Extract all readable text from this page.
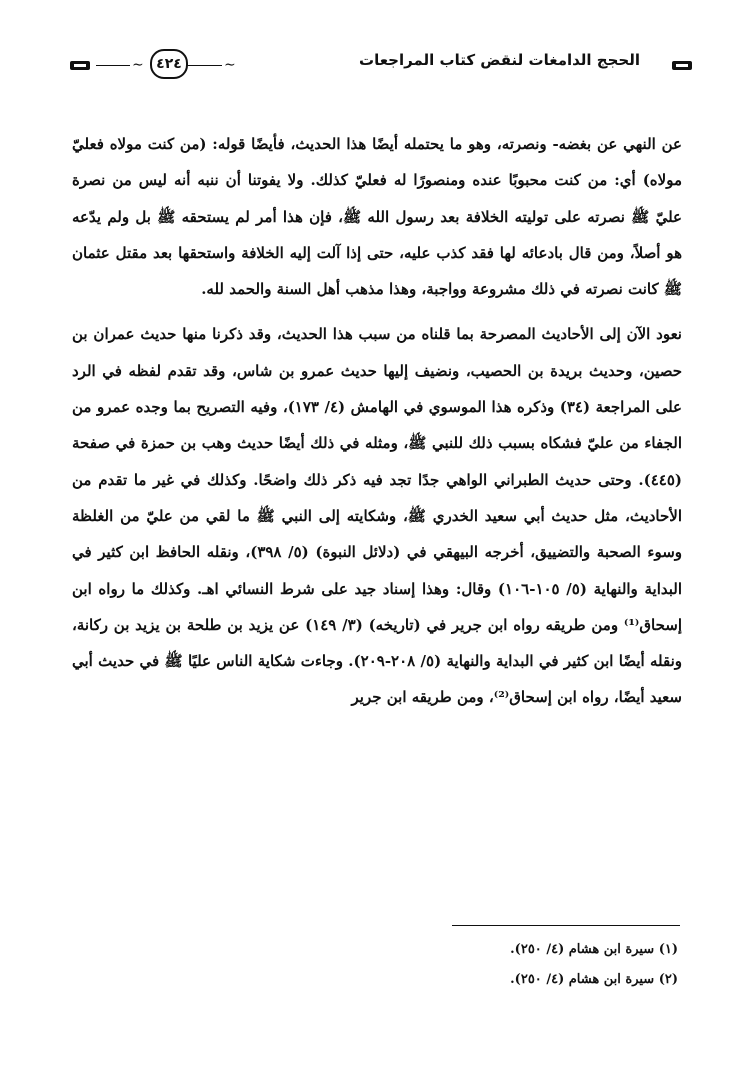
الحجج الدامغات لنقض كتاب المراجعات
∽
٤٢٤
∽

عن النهي عن بغضه- ونصرته، وهو ما يحتمله أيضًا هذا الحديث، فأيضًا قوله: (من كنت مولاه فعليّ مولاه) أي: من كنت محبوبًا عنده ومنصورًا له فعليّ كذلك. ولا يفوتنا أن ننبه أنه ليس من نصرة عليّ ﷺ نصرته على توليته الخلافة بعد رسول الله ﷺ، فإن هذا أمر لم يستحقه ﷺ بل ولم يدّعه هو أصلاً، ومن قال بادعائه لها فقد كذب عليه، حتى إذا آلت إليه الخلافة واستحقها بعد مقتل عثمان ﷺ كانت نصرته في ذلك مشروعة وواجبة، وهذا مذهب أهل السنة والحمد لله.

نعود الآن إلى الأحاديث المصرحة بما قلناه من سبب هذا الحديث، وقد ذكرنا منها حديث عمران بن حصين، وحديث بريدة بن الحصيب، ونضيف إليها حديث عمرو بن شاس، وقد تقدم لفظه في الرد على المراجعة (٣٤) وذكره هذا الموسوي في الهامش (٤/ ١٧٣)، وفيه التصريح بما وجده عمرو من الجفاء من عليّ فشكاه بسبب ذلك للنبي ﷺ، ومثله في ذلك أيضًا حديث وهب بن حمزة في صفحة (٤٤٥). وحتى حديث الطبراني الواهي جدًا تجد فيه ذكر ذلك واضحًا. وكذلك في غير ما تقدم من الأحاديث، مثل حديث أبي سعيد الخدري ﷺ، وشكايته إلى النبي ﷺ ما لقي من عليّ من الغلظة وسوء الصحبة والتضييق، أخرجه البيهقي في (دلائل النبوة) (٥/ ٣٩٨)، ونقله الحافظ ابن كثير في البداية والنهاية (٥/ ١٠٥-١٠٦) وقال: وهذا إسناد جيد على شرط النسائي اهـ. وكذلك ما رواه ابن إسحاق⁽¹⁾ ومن طريقه رواه ابن جرير في (تاريخه) (٣/ ١٤٩) عن يزيد بن طلحة بن يزيد بن ركانة، ونقله أيضًا ابن كثير في البداية والنهاية (٥/ ٢٠٨-٢٠٩). وجاءت شكاية الناس عليًا ﷺ في حديث أبي سعيد أيضًا، رواه ابن إسحاق⁽²⁾، ومن طريقه ابن جرير

(١) سيرة ابن هشام (٤/ ٢٥٠).
(٢) سيرة ابن هشام (٤/ ٢٥٠).
